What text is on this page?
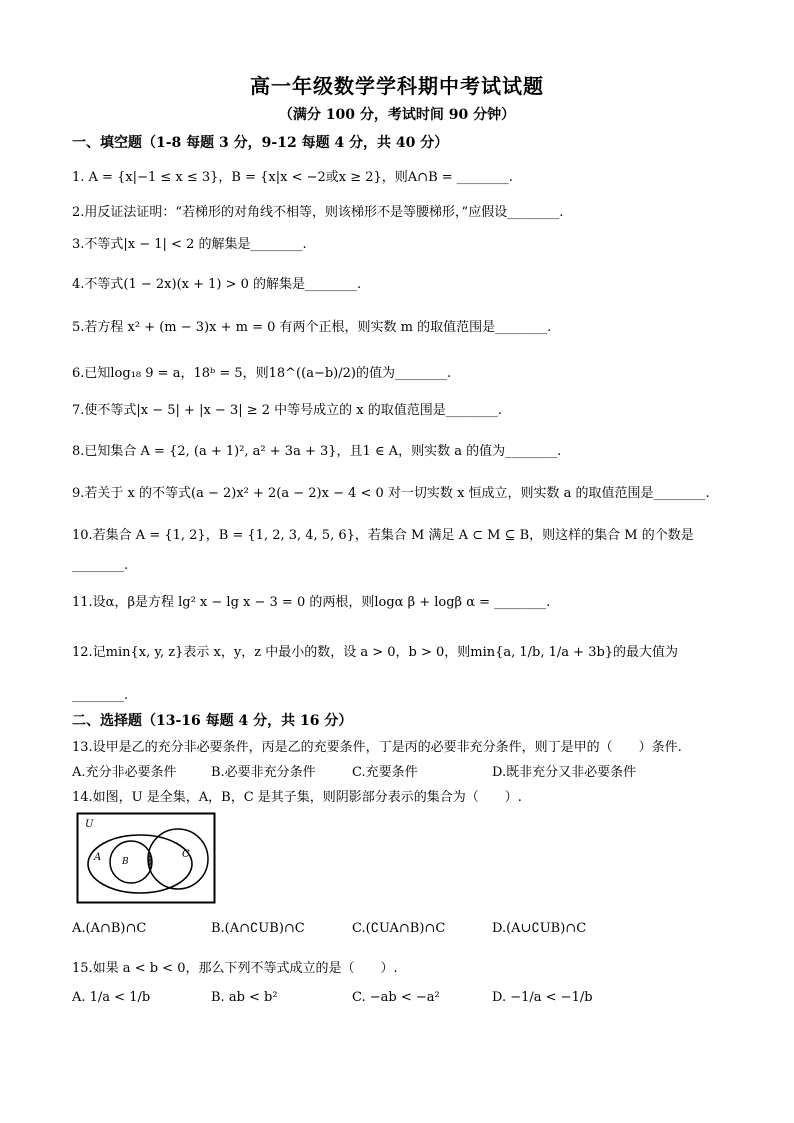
高一年级数学学科期中考试试题
（满分 100 分，考试时间 90 分钟）
一、填空题（1-8 每题 3 分，9-12 每题 4 分，共 40 分）
1. A = {x|−1 ≤ x ≤ 3}，B = {x|x < −2或x ≥ 2}，则A∩B = ________.
2.用反证法证明：“若梯形的对角线不相等，则该梯形不是等腰梯形，”应假设________.
3.不等式|x − 1| < 2 的解集是________.
4.不等式(1 − 2x)(x + 1) > 0 的解集是________.
5.若方程 x² + (m − 3)x + m = 0 有两个正根，则实数 m 的取值范围是________.
6.已知log₁₈ 9 = a，18ᵇ = 5，则18^((a−b)/2)的值为________.
7.使不等式|x − 5| + |x − 3| ≥ 2 中等号成立的 x 的取值范围是________.
8.已知集合 A = {2, (a + 1)², a² + 3a + 3}，且1 ∈ A，则实数 a 的值为________.
9.若关于 x 的不等式(a − 2)x² + 2(a − 2)x − 4 < 0 对一切实数 x 恒成立，则实数 a 的取值范围是________.
10.若集合 A = {1, 2}，B = {1, 2, 3, 4, 5, 6}，若集合 M 满足 A ⊂ M ⊆ B，则这样的集合 M 的个数是
________.
11.设α，β是方程 lg² x − lg x − 3 = 0 的两根，则logα β + logβ α = ________.
12.记min{x, y, z}表示 x，y，z 中最小的数，设 a > 0，b > 0，则min{a, 1/b, 1/a + 3b}的最大值为
________.
二、选择题（13-16 每题 4 分，共 16 分）
13.设甲是乙的充分非必要条件，丙是乙的充要条件，丁是丙的必要非充分条件，则丁是甲的（　　）条件.
A.充分非必要条件	B.必要非充分条件	C.充要条件	D.既非充分又非必要条件
14.如图，U 是全集，A，B，C 是其子集，则阴影部分表示的集合为（　　）.
U
A B
C
A.(A∩B)∩C	B.(A∩∁UB)∩C	C.(∁UA∩B)∩C	D.(A∪∁UB)∩C
15.如果 a < b < 0，那么下列不等式成立的是（　　）.
A. 1/a < 1/b	B. ab < b²	C. −ab < −a²	D. −1/a < −1/b
